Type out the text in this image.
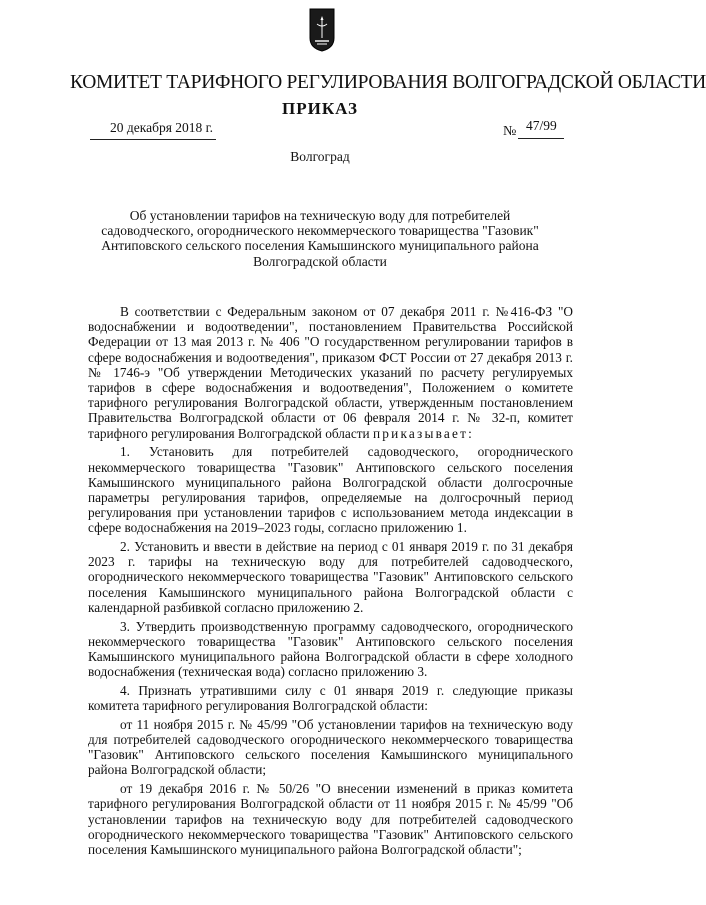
КОМИТЕТ ТАРИФНОГО РЕГУЛИРОВАНИЯ ВОЛГОГРАДСКОЙ ОБЛАСТИ
ПРИКАЗ
20 декабря 2018 г.	№ 47/99
Волгоград
Об установлении тарифов на техническую воду для потребителей
садоводческого, огороднического некоммерческого товарищества "Газовик"
Антиповского сельского поселения Камышинского муниципального района
Волгоградской области

В соответствии с Федеральным законом от 07 декабря 2011 г. №416-ФЗ "О водоснабжении и водоотведении", постановлением Правительства Российской Федерации от 13 мая 2013 г. № 406 "О государственном регулировании тарифов в сфере водоснабжения и водоотведения", приказом ФСТ России от 27 декабря 2013 г. № 1746-э "Об утверждении Методических указаний по расчету регулируемых тарифов в сфере водоснабжения и водоотведения", Положением о комитете тарифного регулирования Волгоградской области, утвержденным постановлением Правительства Волгоградской области от 06 февраля 2014 г. № 32-п, комитет тарифного регулирования Волгоградской области приказывает:

1. Установить для потребителей садоводческого, огороднического некоммерческого товарищества "Газовик" Антиповского сельского поселения Камышинского муниципального района Волгоградской области долгосрочные параметры регулирования тарифов, определяемые на долгосрочный период регулирования при установлении тарифов с использованием метода индексации в сфере водоснабжения на 2019–2023 годы, согласно приложению 1.

2. Установить и ввести в действие на период с 01 января 2019 г. по 31 декабря 2023 г. тарифы на техническую воду для потребителей садоводческого, огороднического некоммерческого товарищества "Газовик" Антиповского сельского поселения Камышинского муниципального района Волгоградской области с календарной разбивкой согласно приложению 2.

3. Утвердить производственную программу садоводческого, огороднического некоммерческого товарищества "Газовик" Антиповского сельского поселения Камышинского муниципального района Волгоградской области в сфере холодного водоснабжения (техническая вода) согласно приложению 3.

4. Признать утратившими силу с 01 января 2019 г. следующие приказы комитета тарифного регулирования Волгоградской области:

от 11 ноября 2015 г. № 45/99 "Об установлении тарифов на техническую воду для потребителей садоводческого огороднического некоммерческого товарищества "Газовик" Антиповского сельского поселения Камышинского муниципального района Волгоградской области;

от 19 декабря 2016 г. № 50/26 "О внесении изменений в приказ комитета тарифного регулирования Волгоградской области от 11 ноября 2015 г. № 45/99 "Об установлении тарифов на техническую воду для потребителей садоводческого огороднического некоммерческого товарищества "Газовик" Антиповского сельского поселения Камышинского муниципального района Волгоградской области";
